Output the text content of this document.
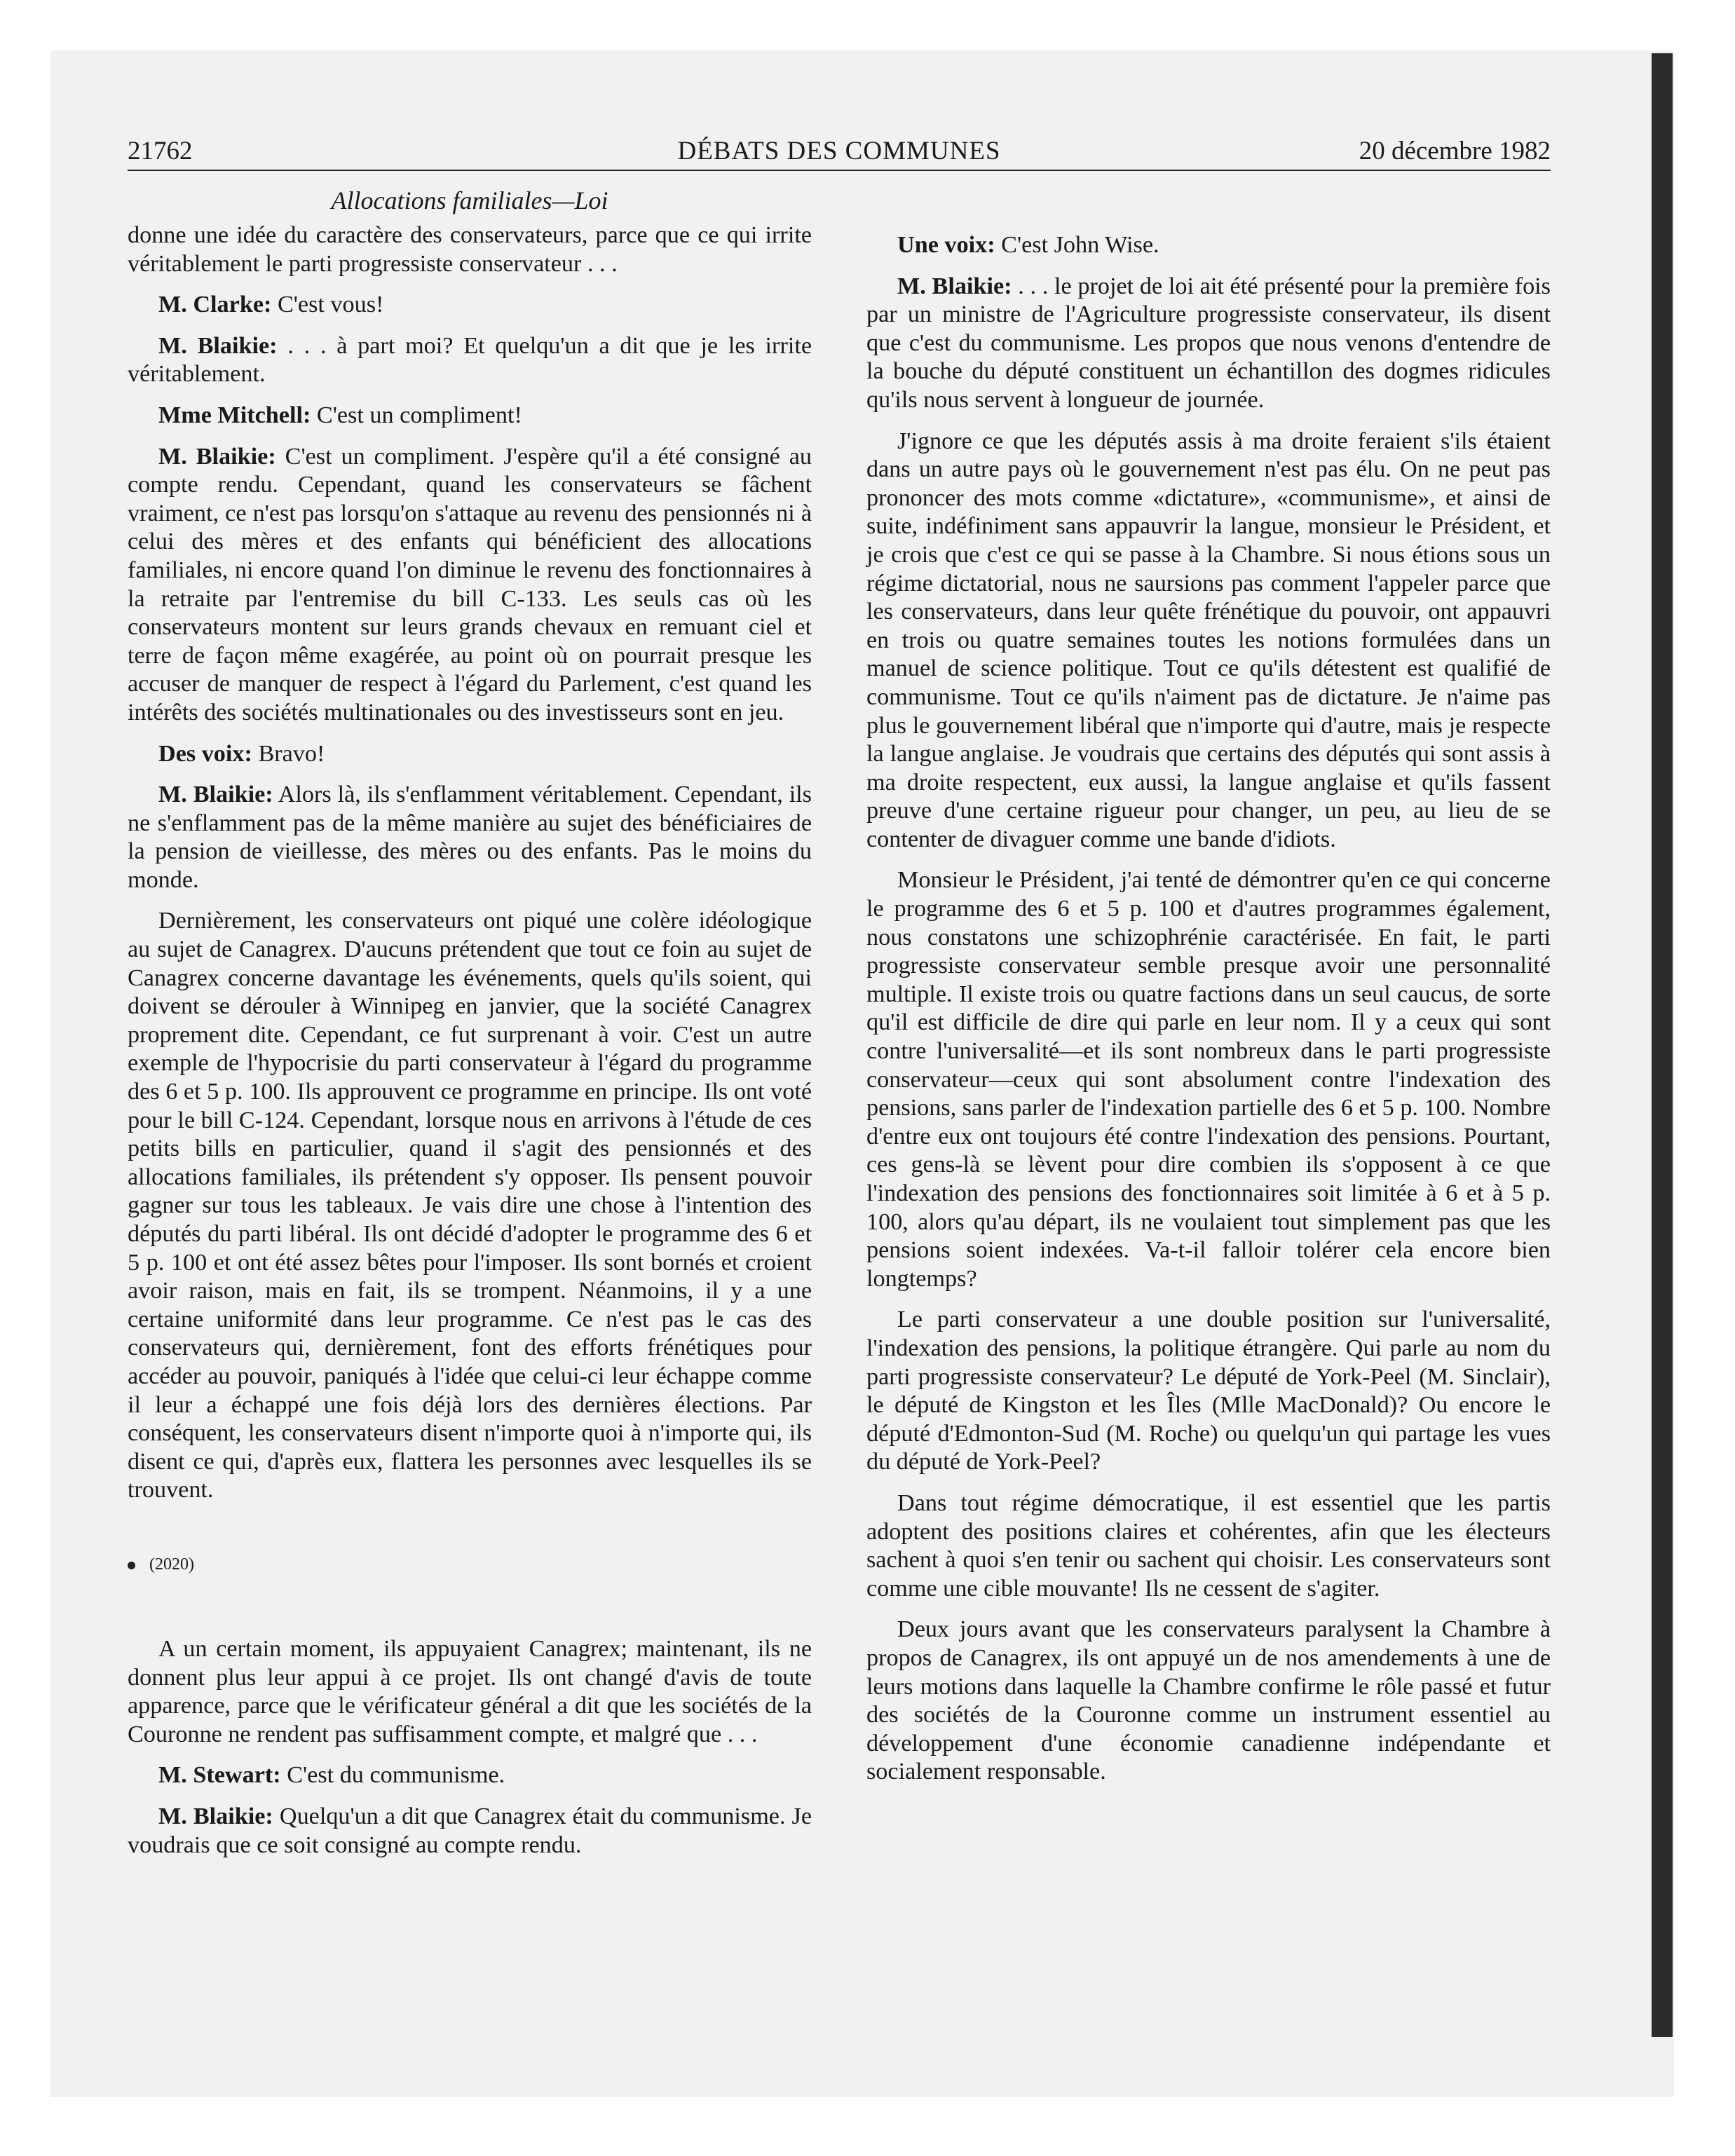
21762	DÉBATS DES COMMUNES	20 décembre 1982
Allocations familiales—Loi

donne une idée du caractère des conservateurs, parce que ce qui irrite véritablement le parti progressiste conservateur . . .

M. Clarke: C'est vous!

M. Blaikie: . . . à part moi? Et quelqu'un a dit que je les irrite véritablement.

Mme Mitchell: C'est un compliment!

M. Blaikie: C'est un compliment. J'espère qu'il a été consigné au compte rendu. Cependant, quand les conservateurs se fâchent vraiment, ce n'est pas lorsqu'on s'attaque au revenu des pensionnés ni à celui des mères et des enfants qui bénéficient des allocations familiales, ni encore quand l'on diminue le revenu des fonctionnaires à la retraite par l'entremise du bill C-133. Les seuls cas où les conservateurs montent sur leurs grands chevaux en remuant ciel et terre de façon même exagérée, au point où on pourrait presque les accuser de manquer de respect à l'égard du Parlement, c'est quand les intérêts des sociétés multinationales ou des investisseurs sont en jeu.

Des voix: Bravo!

M. Blaikie: Alors là, ils s'enflamment véritablement. Cependant, ils ne s'enflamment pas de la même manière au sujet des bénéficiaires de la pension de vieillesse, des mères ou des enfants. Pas le moins du monde.

Dernièrement, les conservateurs ont piqué une colère idéologique au sujet de Canagrex. D'aucuns prétendent que tout ce foin au sujet de Canagrex concerne davantage les événements, quels qu'ils soient, qui doivent se dérouler à Winnipeg en janvier, que la société Canagrex proprement dite. Cependant, ce fut surprenant à voir. C'est un autre exemple de l'hypocrisie du parti conservateur à l'égard du programme des 6 et 5 p. 100. Ils approuvent ce programme en principe. Ils ont voté pour le bill C-124. Cependant, lorsque nous en arrivons à l'étude de ces petits bills en particulier, quand il s'agit des pensionnés et des allocations familiales, ils prétendent s'y opposer. Ils pensent pouvoir gagner sur tous les tableaux. Je vais dire une chose à l'intention des députés du parti libéral. Ils ont décidé d'adopter le programme des 6 et 5 p. 100 et ont été assez bêtes pour l'imposer. Ils sont bornés et croient avoir raison, mais en fait, ils se trompent. Néanmoins, il y a une certaine uniformité dans leur programme. Ce n'est pas le cas des conservateurs qui, dernièrement, font des efforts frénétiques pour accéder au pouvoir, paniqués à l'idée que celui-ci leur échappe comme il leur a échappé une fois déjà lors des dernières élections. Par conséquent, les conservateurs disent n'importe quoi à n'importe qui, ils disent ce qui, d'après eux, flattera les personnes avec lesquelles ils se trouvent.

(2020)

A un certain moment, ils appuyaient Canagrex; maintenant, ils ne donnent plus leur appui à ce projet. Ils ont changé d'avis de toute apparence, parce que le vérificateur général a dit que les sociétés de la Couronne ne rendent pas suffisamment compte, et malgré que . . .

M. Stewart: C'est du communisme.

M. Blaikie: Quelqu'un a dit que Canagrex était du communisme. Je voudrais que ce soit consigné au compte rendu.

Une voix: C'est John Wise.

M. Blaikie: . . . le projet de loi ait été présenté pour la première fois par un ministre de l'Agriculture progressiste conservateur, ils disent que c'est du communisme. Les propos que nous venons d'entendre de la bouche du député constituent un échantillon des dogmes ridicules qu'ils nous servent à longueur de journée.

J'ignore ce que les députés assis à ma droite feraient s'ils étaient dans un autre pays où le gouvernement n'est pas élu. On ne peut pas prononcer des mots comme «dictature», «communisme», et ainsi de suite, indéfiniment sans appauvrir la langue, monsieur le Président, et je crois que c'est ce qui se passe à la Chambre. Si nous étions sous un régime dictatorial, nous ne saursions pas comment l'appeler parce que les conservateurs, dans leur quête frénétique du pouvoir, ont appauvri en trois ou quatre semaines toutes les notions formulées dans un manuel de science politique. Tout ce qu'ils détestent est qualifié de communisme. Tout ce qu'ils n'aiment pas de dictature. Je n'aime pas plus le gouvernement libéral que n'importe qui d'autre, mais je respecte la langue anglaise. Je voudrais que certains des députés qui sont assis à ma droite respectent, eux aussi, la langue anglaise et qu'ils fassent preuve d'une certaine rigueur pour changer, un peu, au lieu de se contenter de divaguer comme une bande d'idiots.

Monsieur le Président, j'ai tenté de démontrer qu'en ce qui concerne le programme des 6 et 5 p. 100 et d'autres programmes également, nous constatons une schizophrénie caractérisée. En fait, le parti progressiste conservateur semble presque avoir une personnalité multiple. Il existe trois ou quatre factions dans un seul caucus, de sorte qu'il est difficile de dire qui parle en leur nom. Il y a ceux qui sont contre l'universalité—et ils sont nombreux dans le parti progressiste conservateur—ceux qui sont absolument contre l'indexation des pensions, sans parler de l'indexation partielle des 6 et 5 p. 100. Nombre d'entre eux ont toujours été contre l'indexation des pensions. Pourtant, ces gens-là se lèvent pour dire combien ils s'opposent à ce que l'indexation des pensions des fonctionnaires soit limitée à 6 et à 5 p. 100, alors qu'au départ, ils ne voulaient tout simplement pas que les pensions soient indexées. Va-t-il falloir tolérer cela encore bien longtemps?

Le parti conservateur a une double position sur l'universalité, l'indexation des pensions, la politique étrangère. Qui parle au nom du parti progressiste conservateur? Le député de York-Peel (M. Sinclair), le député de Kingston et les Îles (Mlle MacDonald)? Ou encore le député d'Edmonton-Sud (M. Roche) ou quelqu'un qui partage les vues du député de York-Peel?

Dans tout régime démocratique, il est essentiel que les partis adoptent des positions claires et cohérentes, afin que les électeurs sachent à quoi s'en tenir ou sachent qui choisir. Les conservateurs sont comme une cible mouvante! Ils ne cessent de s'agiter.

Deux jours avant que les conservateurs paralysent la Chambre à propos de Canagrex, ils ont appuyé un de nos amendements à une de leurs motions dans laquelle la Chambre confirme le rôle passé et futur des sociétés de la Couronne comme un instrument essentiel au développement d'une économie canadienne indépendante et socialement responsable.
